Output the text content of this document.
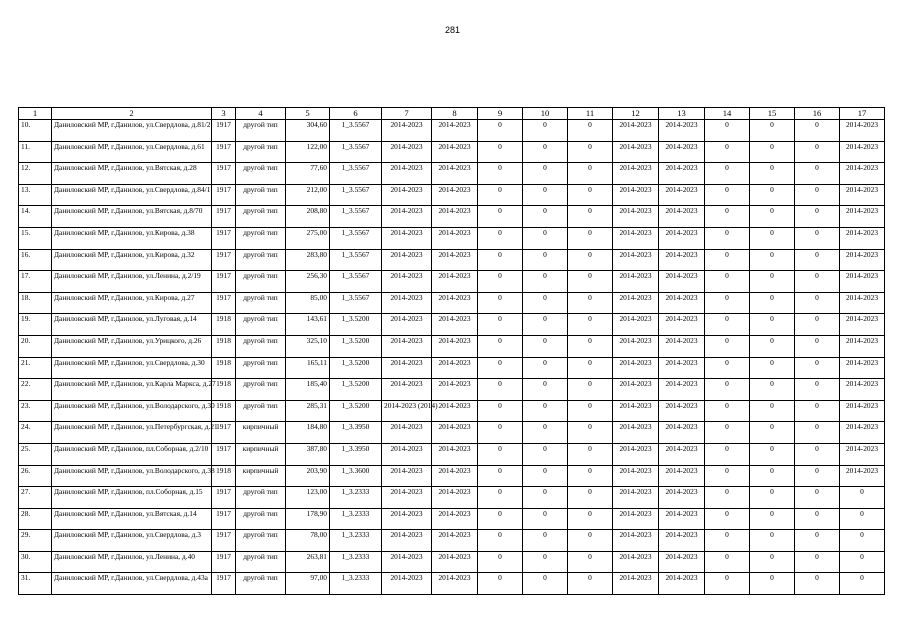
281
1	2	3	4	5	6	7	8	9	10	11	12	13	14	15	16	17
10.	Даниловский МР, г.Данилов, ул.Свердлова, д.81/2	1917	другой тип	304,60	1_3.5567	2014-2023	2014-2023	0	0	0	2014-2023	2014-2023	0	0	0	2014-2023
11.	Даниловский МР, г.Данилов, ул.Свердлова, д.61	1917	другой тип	122,00	1_3.5567	2014-2023	2014-2023	0	0	0	2014-2023	2014-2023	0	0	0	2014-2023
12.	Даниловский МР, г.Данилов, ул.Вятская, д.28	1917	другой тип	77,60	1_3.5567	2014-2023	2014-2023	0	0	0	2014-2023	2014-2023	0	0	0	2014-2023
13.	Даниловский МР, г.Данилов, ул.Свердлова, д.84/1	1917	другой тип	212,00	1_3.5567	2014-2023	2014-2023	0	0	0	2014-2023	2014-2023	0	0	0	2014-2023
14.	Даниловский МР, г.Данилов, ул.Вятская, д.8/70	1917	другой тип	208,80	1_3.5567	2014-2023	2014-2023	0	0	0	2014-2023	2014-2023	0	0	0	2014-2023
15.	Даниловский МР, г.Данилов, ул.Кирова, д.38	1917	другой тип	275,00	1_3.5567	2014-2023	2014-2023	0	0	0	2014-2023	2014-2023	0	0	0	2014-2023
16.	Даниловский МР, г.Данилов, ул.Кирова, д.32	1917	другой тип	283,80	1_3.5567	2014-2023	2014-2023	0	0	0	2014-2023	2014-2023	0	0	0	2014-2023
17.	Даниловский МР, г.Данилов, ул.Ленина, д.2/19	1917	другой тип	256,30	1_3.5567	2014-2023	2014-2023	0	0	0	2014-2023	2014-2023	0	0	0	2014-2023
18.	Даниловский МР, г.Данилов, ул.Кирова, д.27	1917	другой тип	85,00	1_3.5567	2014-2023	2014-2023	0	0	0	2014-2023	2014-2023	0	0	0	2014-2023
19.	Даниловский МР, г.Данилов, ул.Луговая, д.14	1918	другой тип	143,61	1_3.5200	2014-2023	2014-2023	0	0	0	2014-2023	2014-2023	0	0	0	2014-2023
20.	Даниловский МР, г.Данилов, ул.Урицкого, д.26	1918	другой тип	325,10	1_3.5200	2014-2023	2014-2023	0	0	0	2014-2023	2014-2023	0	0	0	2014-2023
21.	Даниловский МР, г.Данилов, ул.Свердлова, д.30	1918	другой тип	165,11	1_3.5200	2014-2023	2014-2023	0	0	0	2014-2023	2014-2023	0	0	0	2014-2023
22.	Даниловский МР, г.Данилов, ул.Карла Маркса, д.27	1918	другой тип	185,40	1_3.5200	2014-2023	2014-2023	0	0	0	2014-2023	2014-2023	0	0	0	2014-2023
23.	Даниловский МР, г.Данилов, ул.Володарского, д.30	1918	другой тип	285,31	1_3.5200	2014-2023 (2014)	2014-2023	0	0	0	2014-2023	2014-2023	0	0	0	2014-2023
24.	Даниловский МР, г.Данилов, ул.Петербургская, д.21	1917	кирпичный	184,80	1_3.3950	2014-2023	2014-2023	0	0	0	2014-2023	2014-2023	0	0	0	2014-2023
25.	Даниловский МР, г.Данилов, пл.Соборная, д.2/10	1917	кирпичный	387,80	1_3.3950	2014-2023	2014-2023	0	0	0	2014-2023	2014-2023	0	0	0	2014-2023
26.	Даниловский МР, г.Данилов, ул.Володарского, д.38	1918	кирпичный	203,90	1_3.3600	2014-2023	2014-2023	0	0	0	2014-2023	2014-2023	0	0	0	2014-2023
27.	Даниловский МР, г.Данилов, пл.Соборная, д.15	1917	другой тип	123,00	1_3.2333	2014-2023	2014-2023	0	0	0	2014-2023	2014-2023	0	0	0	0
28.	Даниловский МР, г.Данилов, ул.Вятская, д.14	1917	другой тип	178,90	1_3.2333	2014-2023	2014-2023	0	0	0	2014-2023	2014-2023	0	0	0	0
29.	Даниловский МР, г.Данилов, ул.Свердлова, д.3	1917	другой тип	78,00	1_3.2333	2014-2023	2014-2023	0	0	0	2014-2023	2014-2023	0	0	0	0
30.	Даниловский МР, г.Данилов, ул.Ленина, д.40	1917	другой тип	263,81	1_3.2333	2014-2023	2014-2023	0	0	0	2014-2023	2014-2023	0	0	0	0
31.	Даниловский МР, г.Данилов, ул.Свердлова, д.43а	1917	другой тип	97,00	1_3.2333	2014-2023	2014-2023	0	0	0	2014-2023	2014-2023	0	0	0	0
